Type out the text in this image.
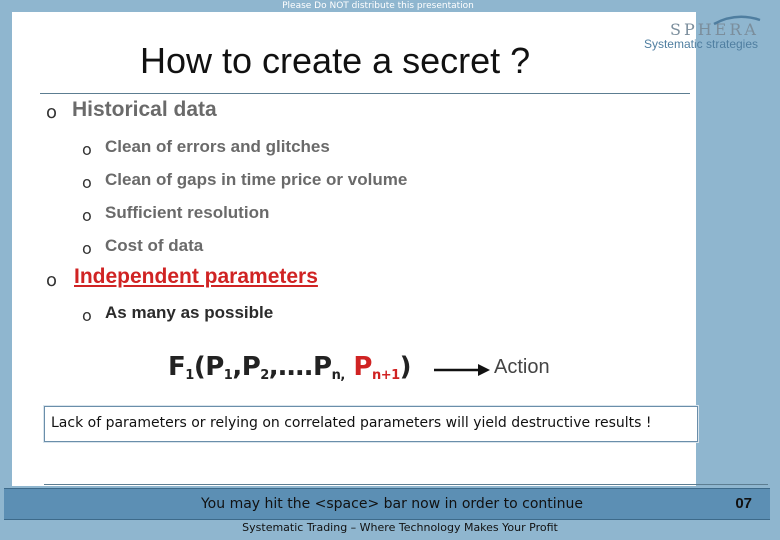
Please Do NOT distribute this presentation
How to create a secret ?
SPHERA
Systematic strategies
o Historical data
o Clean of errors and glitches
o Clean of gaps in time price or volume
o Sufficient resolution
o Cost of data
o Independent parameters
o As many as possible
$F_1(P_1,P_2,\dots.P_{n,}$ $P_{n+1}$)	Action
Lack of parameters or relying on correlated parameters will yield destructive results !
You may hit the <space> bar now in order to continue	07
Systematic Trading – Where Technology Makes Your Profit
